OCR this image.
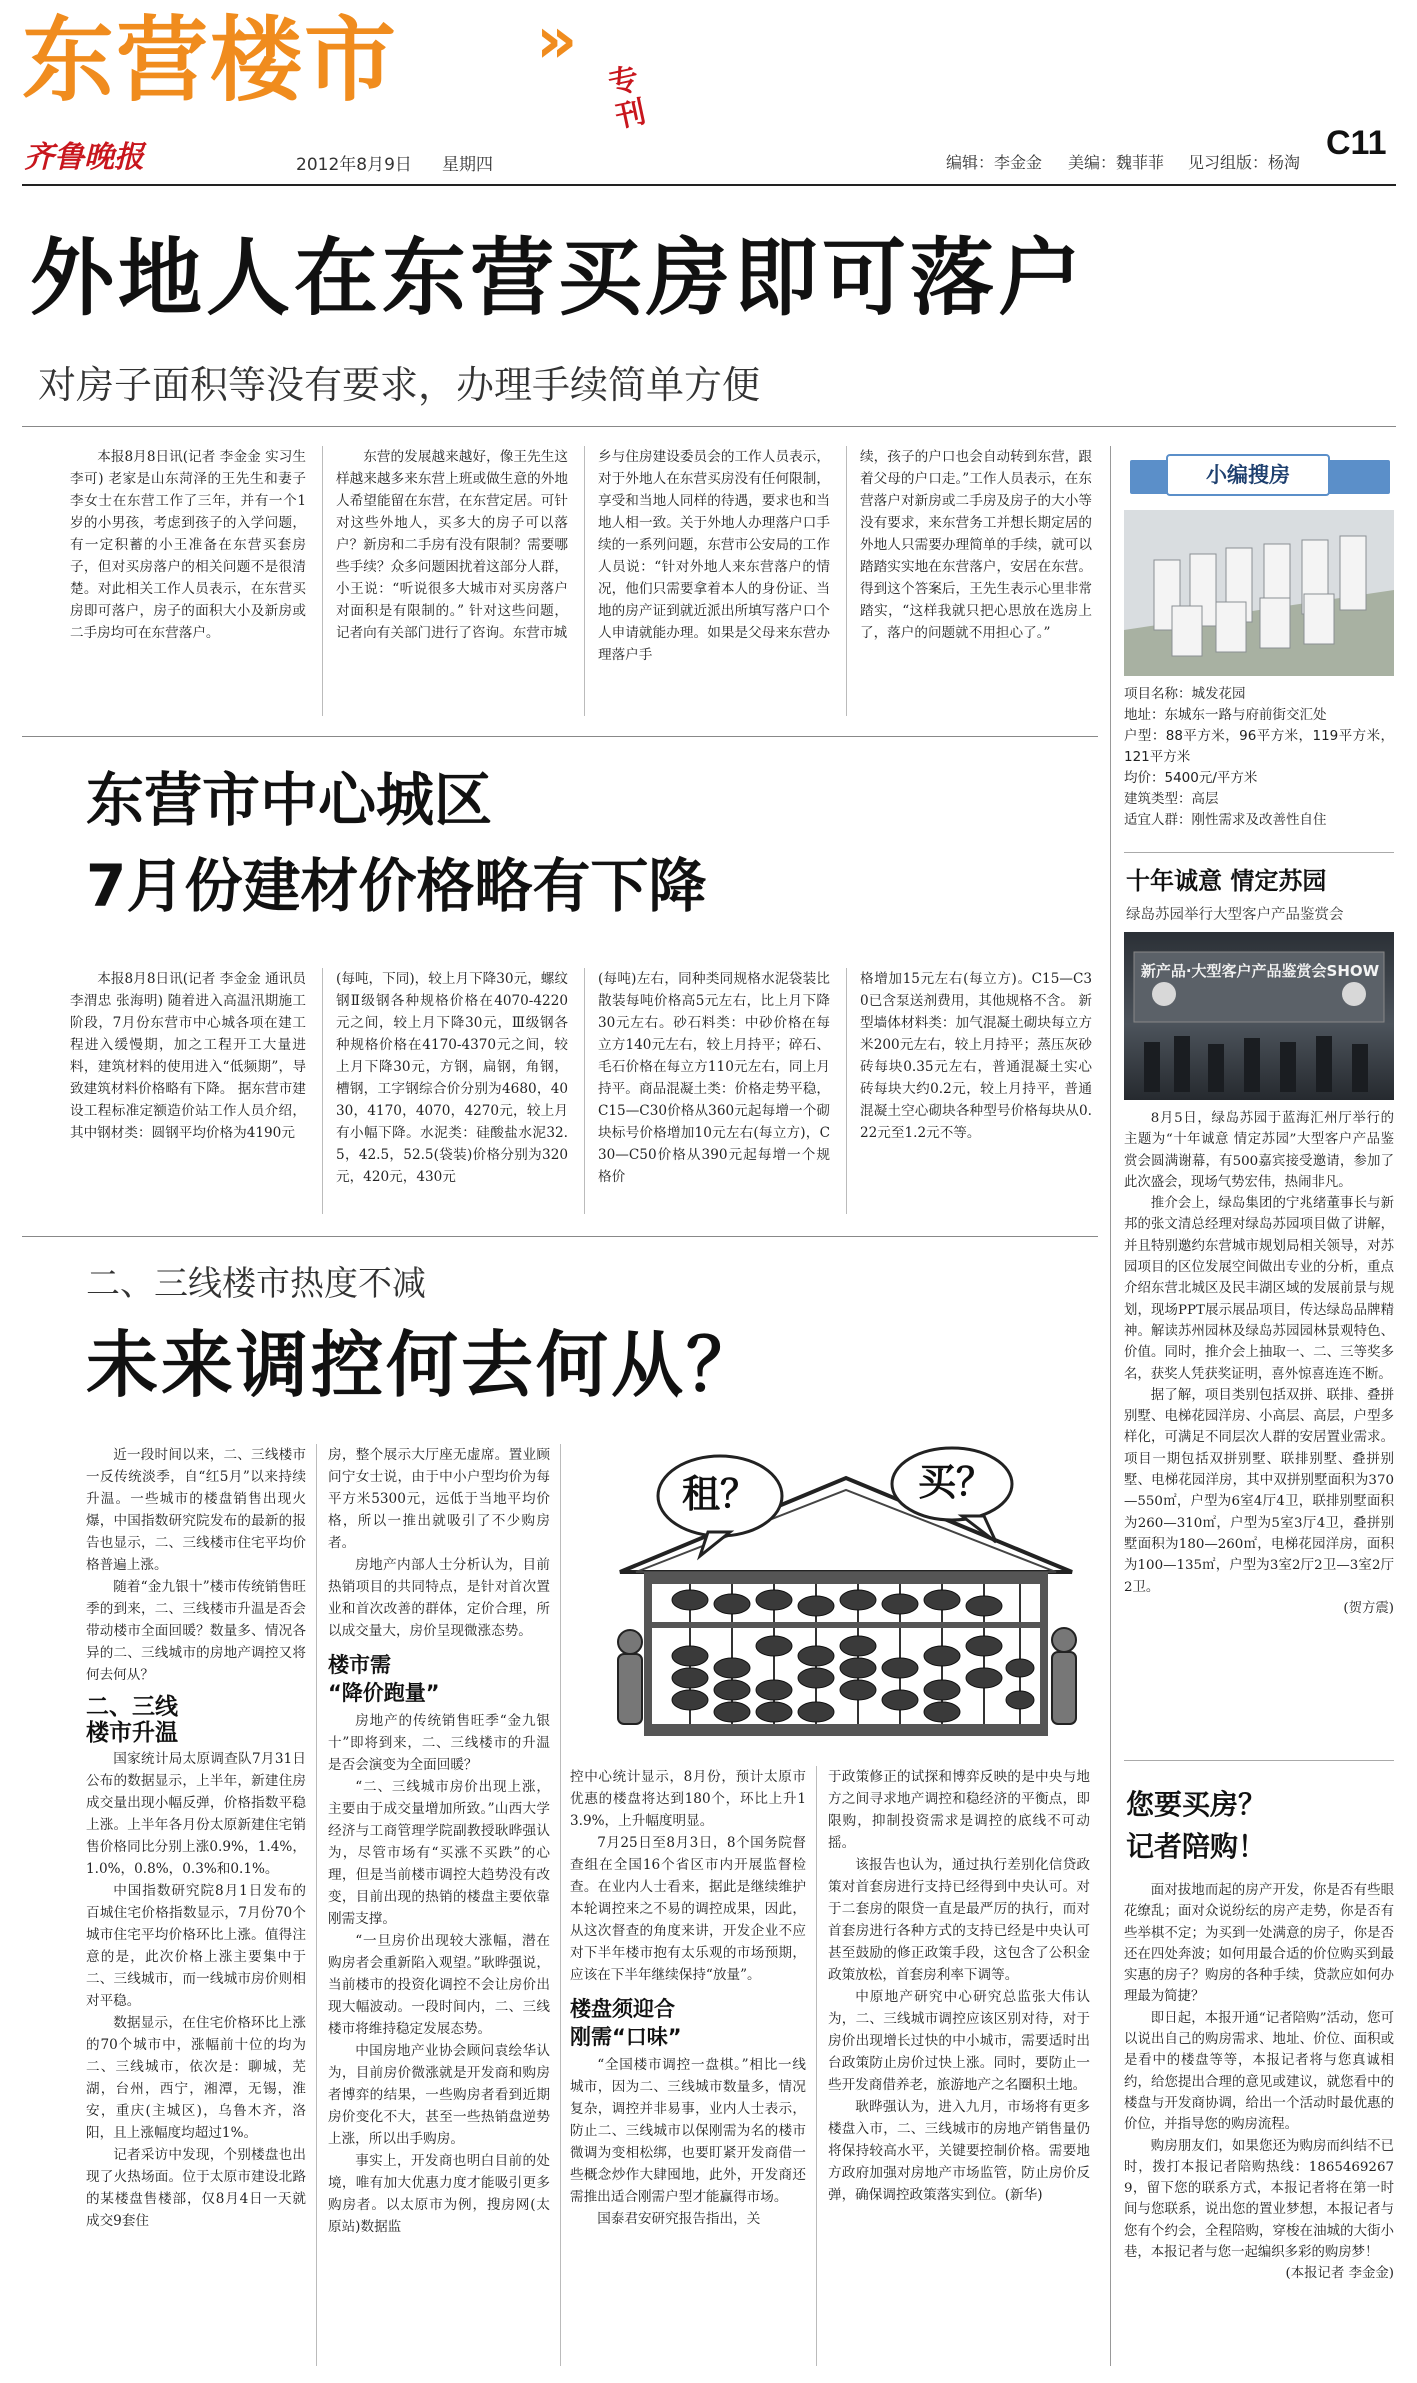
东营楼市 »
专刊
齐鲁晚报	2012年8月9日 星期四	编辑：李金金 美编：魏菲菲 见习组版：杨淘
C11
外地人在东营买房即可落户
对房子面积等没有要求，办理手续简单方便

本报8月8日讯(记者 李金金 实习生 李可) 老家是山东菏泽的王先生和妻子李女士在东营工作了三年，并有一个1岁的小男孩，考虑到孩子的入学问题，有一定积蓄的小王准备在东营买套房子，但对买房落户的相关问题不是很清楚。对此相关工作人员表示，在东营买房即可落户，房子的面积大小及新房或二手房均可在东营落户。

东营的发展越来越好，像王先生这样越来越多来东营上班或做生意的外地人希望能留在东营，在东营定居。可针对这些外地人，买多大的房子可以落户？新房和二手房有没有限制？需要哪些手续？众多问题困扰着这部分人群，小王说：“听说很多大城市对买房落户对面积是有限制的。” 针对这些问题，记者向有关部门进行了咨询。东营市城

乡与住房建设委员会的工作人员表示，对于外地人在东营买房没有任何限制，享受和当地人同样的待遇，要求也和当地人相一致。关于外地人办理落户口手续的一系列问题，东营市公安局的工作人员说：“针对外地人来东营落户的情况，他们只需要拿着本人的身份证、当地的房产证到就近派出所填写落户口个人申请就能办理。如果是父母来东营办理落户手

续，孩子的户口也会自动转到东营，跟着父母的户口走。”工作人员表示，在东营落户对新房或二手房及房子的大小等没有要求，来东营务工并想长期定居的外地人只需要办理简单的手续，就可以踏踏实实地在东营落户，安居在东营。 得到这个答案后，王先生表示心里非常踏实，“这样我就只把心思放在选房上了，落户的问题就不用担心了。”

东营市中心城区
7月份建材价格略有下降

本报8月8日讯(记者 李金金 通讯员 李渭忠 张海明) 随着进入高温汛期施工阶段，7月份东营市中心城各项在建工程进入缓慢期，加之工程开工大量进料，建筑材料的使用进入“低频期”，导致建筑材料价格略有下降。 据东营市建设工程标准定额造价站工作人员介绍，其中钢材类：圆钢平均价格为4190元

(每吨，下同)，较上月下降30元，螺纹钢Ⅱ级钢各种规格价格在4070-4220元之间，较上月下降30元，Ⅲ级钢各种规格价格在4170-4370元之间，较上月下降30元，方钢，扁钢，角钢，槽钢，工字钢综合价分别为4680，4030，4170，4070，4270元，较上月有小幅下降。水泥类：硅酸盐水泥32.5，42.5，52.5(袋装)价格分别为320元，420元，430元

(每吨)左右，同种类同规格水泥袋装比散装每吨价格高5元左右，比上月下降30元左右。砂石料类：中砂价格在每立方140元左右，较上月持平；碎石、毛石价格在每立方110元左右，同上月持平。商品混凝土类：价格走势平稳，C15—C30价格从360元起每增一个砌块标号价格增加10元左右(每立方)，C30—C50价格从390元起每增一个规格价

格增加15元左右(每立方)。C15—C30已含泵送剂费用，其他规格不含。 新型墙体材料类：加气混凝土砌块每立方米200元左右，较上月持平；蒸压灰砂砖每块0.35元左右，普通混凝土实心砖每块大约0.2元，较上月持平，普通混凝土空心砌块各种型号价格每块从0.22元至1.2元不等。

二、三线楼市热度不减
未来调控何去何从？

近一段时间以来，二、三线楼市一反传统淡季，自“红5月”以来持续升温。一些城市的楼盘销售出现火爆，中国指数研究院发布的最新的报告也显示，二、三线楼市住宅平均价格普遍上涨。

随着“金九银十”楼市传统销售旺季的到来，二、三线楼市升温是否会带动楼市全面回暖？数量多、情况各异的二、三线城市的房地产调控又将何去何从？

二、三线
楼市升温

国家统计局太原调查队7月31日公布的数据显示，上半年，新建住房成交量出现小幅反弹，价格指数平稳上涨。上半年各月份太原新建住宅销售价格同比分别上涨0.9%，1.4%，1.0%，0.8%，0.3%和0.1%。

中国指数研究院8月1日发布的百城住宅价格指数显示，7月份70个城市住宅平均价格环比上涨。值得注意的是，此次价格上涨主要集中于二、三线城市，而一线城市房价则相对平稳。

数据显示，在住宅价格环比上涨的70个城市中，涨幅前十位的均为二、三线城市，依次是：聊城，芜湖，台州，西宁，湘潭，无锡，淮安，重庆(主城区)，乌鲁木齐，洛阳，且上涨幅度均超过1%。

记者采访中发现，个别楼盘也出现了火热场面。位于太原市建设北路的某楼盘售楼部，仅8月4日一天就成交9套住

房，整个展示大厅座无虚席。置业顾问宁女士说，由于中小户型均价为每平方米5300元，远低于当地平均价格，所以一推出就吸引了不少购房者。

房地产内部人士分析认为，目前热销项目的共同特点，是针对首次置业和首次改善的群体，定价合理，所以成交量大，房价呈现微涨态势。

楼市需
“降价跑量”

房地产的传统销售旺季“金九银十”即将到来，二、三线楼市的升温是否会演变为全面回暖？

“二、三线城市房价出现上涨，主要由于成交量增加所致。”山西大学经济与工商管理学院副教授耿晔强认为，尽管市场有“买涨不买跌”的心理，但是当前楼市调控大趋势没有改变，目前出现的热销的楼盘主要依靠刚需支撑。

“一旦房价出现较大涨幅，潜在购房者会重新陷入观望。”耿晔强说，当前楼市的投资化调控不会让房价出现大幅波动。一段时间内，二、三线楼市将维持稳定发展态势。

中国房地产业协会顾问袁绘华认为，目前房价微涨就是开发商和购房者博弈的结果，一些购房者看到近期房价变化不大，甚至一些热销盘逆势上涨，所以出手购房。

事实上，开发商也明白目前的处境，唯有加大优惠力度才能吸引更多购房者。以太原市为例，搜房网(太原站)数据监

租？	买？

控中心统计显示，8月份，预计太原市优惠的楼盘将达到180个，环比上升13.9%，上升幅度明显。

7月25日至8月3日，8个国务院督查组在全国16个省区市内开展监督检查。在业内人士看来，据此是继续维护本轮调控来之不易的调控成果，因此，从这次督查的角度来讲，开发企业不应对下半年楼市抱有太乐观的市场预期，应该在下半年继续保持“放量”。

楼盘须迎合
刚需“口味”

“全国楼市调控一盘棋。”相比一线城市，因为二、三线城市数量多，情况复杂，调控并非易事，业内人士表示，防止二、三线城市以保刚需为名的楼市微调为变相松绑，也要盯紧开发商借一些概念炒作大肆囤地，此外，开发商还需推出适合刚需户型才能赢得市场。

国泰君安研究报告指出，关

于政策修正的试探和博弈反映的是中央与地方之间寻求地产调控和稳经济的平衡点，即限购，抑制投资需求是调控的底线不可动摇。

该报告也认为，通过执行差别化信贷政策对首套房进行支持已经得到中央认可。对于二套房的限贷一直是最严厉的执行，而对首套房进行各种方式的支持已经是中央认可甚至鼓励的修正政策手段，这包含了公积金政策放松，首套房利率下调等。

中原地产研究中心研究总监张大伟认为，二、三线城市调控应该区别对待，对于房价出现增长过快的中小城市，需要适时出台政策防止房价过快上涨。同时，要防止一些开发商借养老，旅游地产之名圈积土地。

耿晔强认为，进入九月，市场将有更多楼盘入市，二、三线城市的房地产销售量仍将保持较高水平，关键要控制价格。需要地方政府加强对房地产市场监管，防止房价反弹，确保调控政策落实到位。(新华)

小编搜房
项目名称：城发花园
地址：东城东一路与府前街交汇处
户型：88平方米，96平方米，119平方米，121平方米
均价：5400元/平方米
建筑类型：高层
适宜人群：刚性需求及改善性自住
十年诚意 情定苏园
绿岛苏园举行大型客户产品鉴赏会
新产品·大型客户产品鉴赏会SHOW

8月5日，绿岛苏园于蓝海汇州厅举行的主题为“十年诚意 情定苏园”大型客户产品鉴赏会圆满谢幕，有500嘉宾接受邀请，参加了此次盛会，现场气势宏伟，热闹非凡。

推介会上，绿岛集团的宁兆绪董事长与新邦的张文清总经理对绿岛苏园项目做了讲解，并且特别邀约东营城市规划局相关领导，对苏园项目的区位发展空间做出专业的分析，重点介绍东营北城区及民丰湖区域的发展前景与规划，现场PPT展示展品项目，传达绿岛品牌精神。解读苏州园林及绿岛苏园园林景观特色、价值。同时，推介会上抽取一、二、三等奖多名，获奖人凭获奖证明，喜外惊喜连连不断。

据了解，项目类别包括双拼、联排、叠拼别墅、电梯花园洋房、小高层、高层，户型多样化，可满足不同层次人群的安居置业需求。项目一期包括双拼别墅、联排别墅、叠拼别墅、电梯花园洋房，其中双拼别墅面积为370—550㎡，户型为6室4厅4卫，联排别墅面积为260—310㎡，户型为5室3厅4卫，叠拼别墅面积为180—260㎡，电梯花园洋房，面积为100—135㎡，户型为3室2厅2卫—3室2厅2卫。

(贺方震)

您要买房？
记者陪购！

面对拔地而起的房产开发，你是否有些眼花缭乱；面对众说纷纭的房产走势，你是否有些举棋不定；为买到一处满意的房子，你是否还在四处奔波；如何用最合适的价位购买到最实惠的房子？购房的各种手续，贷款应如何办理最为简捷？

即日起，本报开通“记者陪购”活动，您可以说出自己的购房需求、地址、价位、面积或是看中的楼盘等等，本报记者将与您真诚相约，给您提出合理的意见或建议，就您看中的楼盘与开发商协调，给出一个活动时最优惠的价位，并指导您的购房流程。

购房朋友们，如果您还为购房而纠结不已时，拨打本报记者陪购热线：18654692679，留下您的联系方式，本报记者将在第一时间与您联系，说出您的置业梦想，本报记者与您有个约会，全程陪购，穿梭在油城的大街小巷，本报记者与您一起编织多彩的购房梦！

(本报记者 李金金)
